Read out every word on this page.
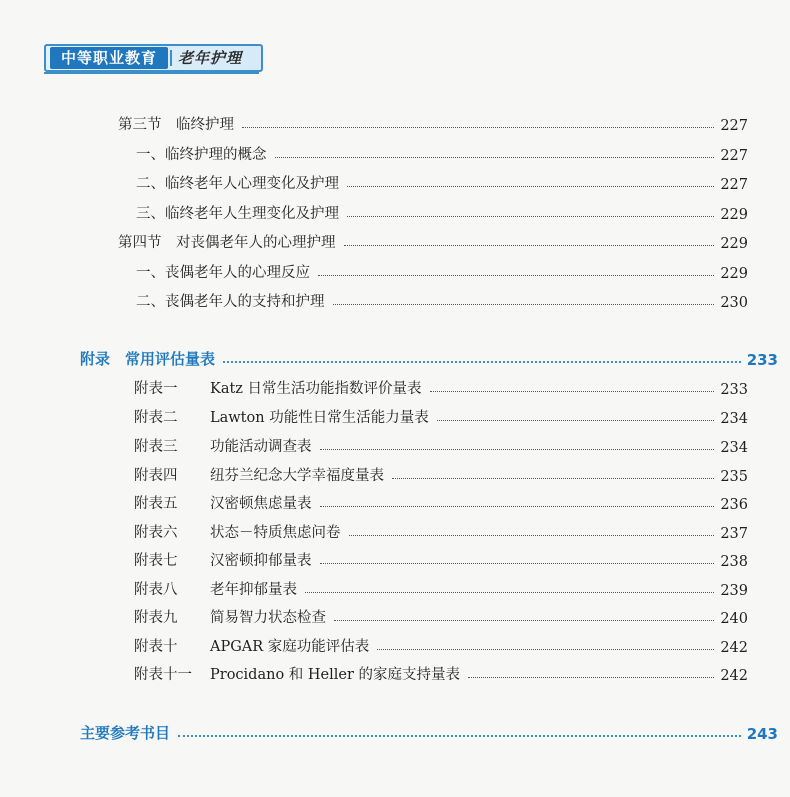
中等职业教育	老年护理
第三节　临终护理	227
一、临终护理的概念	227
二、临终老年人心理变化及护理	227
三、临终老年人生理变化及护理	229
第四节　对丧偶老年人的心理护理	229
一、丧偶老年人的心理反应	229
二、丧偶老年人的支持和护理	230
附录　常用评估量表	233
附表一 Katz 日常生活功能指数评价量表	233
附表二 Lawton 功能性日常生活能力量表	234
附表三 功能活动调查表	234
附表四 纽芬兰纪念大学幸福度量表	235
附表五 汉密顿焦虑量表	236
附表六 状态－特质焦虑问卷	237
附表七 汉密顿抑郁量表	238
附表八 老年抑郁量表	239
附表九 简易智力状态检查	240
附表十 APGAR 家庭功能评估表	242
附表十一 Procidano 和 Heller 的家庭支持量表	242
主要参考书目	243
